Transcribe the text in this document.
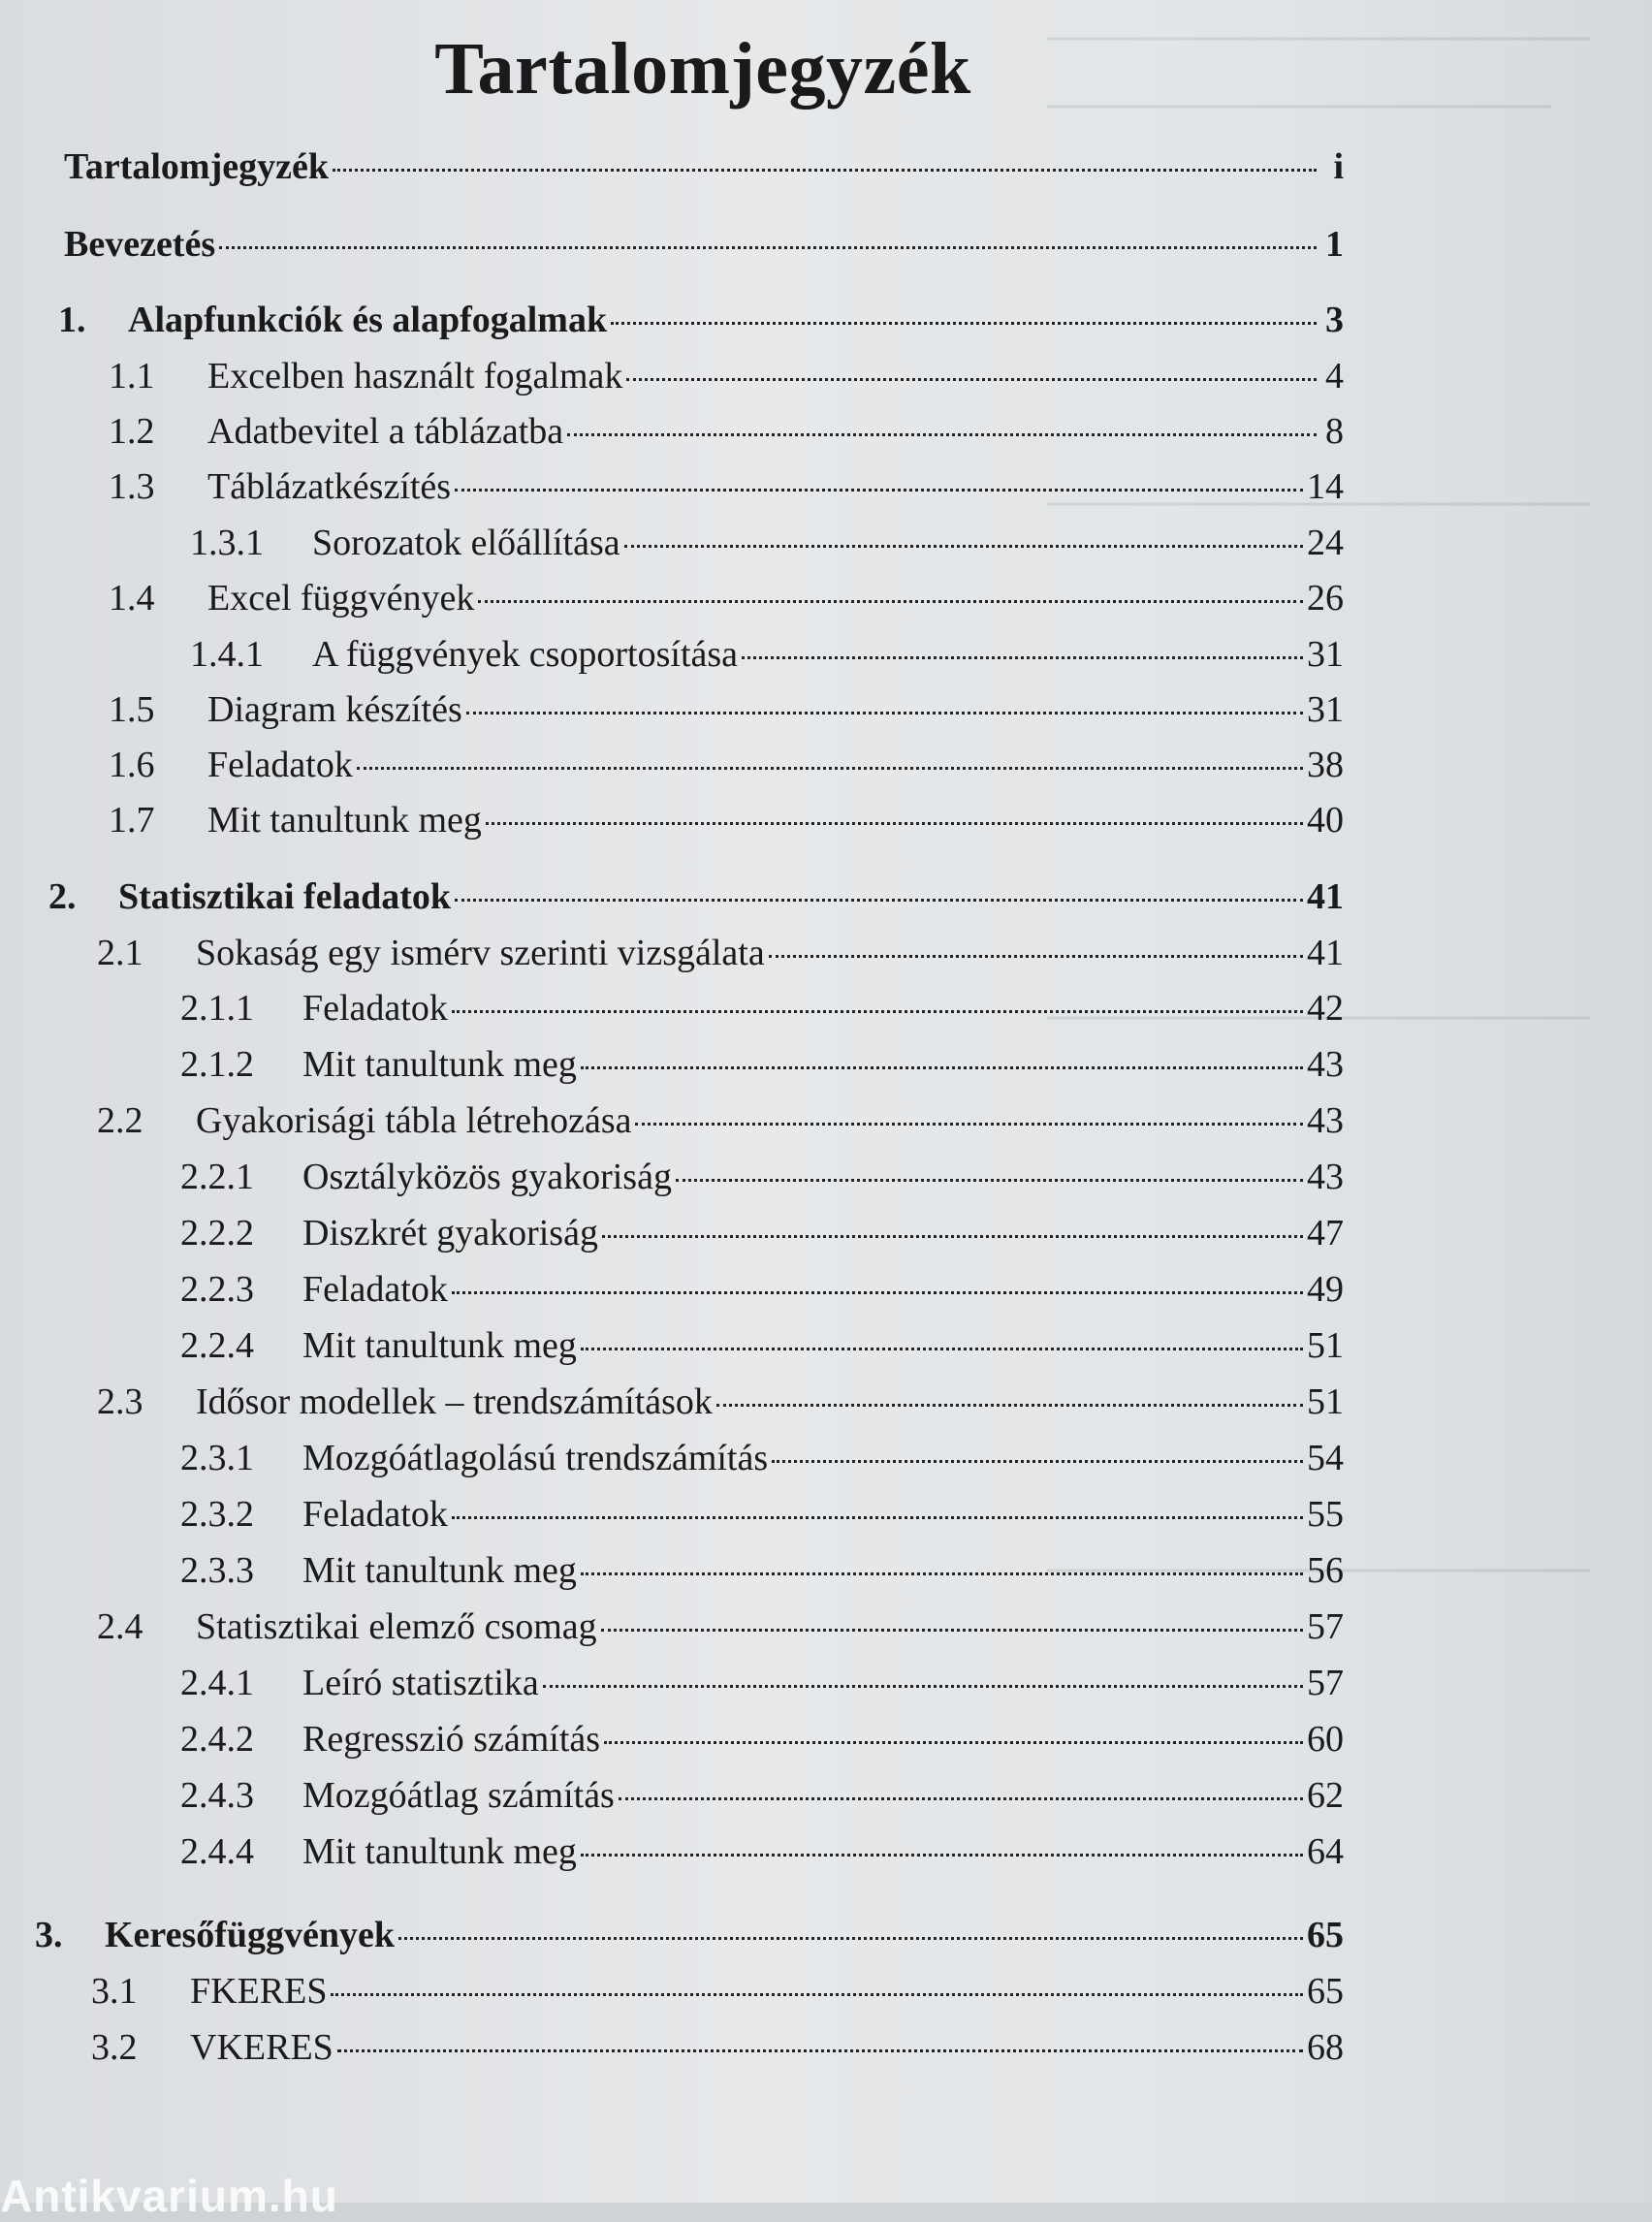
Tartalomjegyzék
Tartalomjegyzék	i
Bevezetés	1
1.	Alapfunkciók és alapfogalmak	3
1.1	Excelben használt fogalmak	4
1.2	Adatbevitel a táblázatba	8
1.3	Táblázatkészítés	14
1.3.1	Sorozatok előállítása	24
1.4	Excel függvények	26
1.4.1	A függvények csoportosítása	31
1.5	Diagram készítés	31
1.6	Feladatok	38
1.7	Mit tanultunk meg	40
2.	Statisztikai feladatok	41
2.1	Sokaság egy ismérv szerinti vizsgálata	41
2.1.1	Feladatok	42
2.1.2	Mit tanultunk meg	43
2.2	Gyakorisági tábla létrehozása	43
2.2.1	Osztályközös gyakoriság	43
2.2.2	Diszkrét gyakoriság	47
2.2.3	Feladatok	49
2.2.4	Mit tanultunk meg	51
2.3	Idősor modellek – trendszámítások	51
2.3.1	Mozgóátlagolású trendszámítás	54
2.3.2	Feladatok	55
2.3.3	Mit tanultunk meg	56
2.4	Statisztikai elemző csomag	57
2.4.1	Leíró statisztika	57
2.4.2	Regresszió számítás	60
2.4.3	Mozgóátlag számítás	62
2.4.4	Mit tanultunk meg	64
3.	Keresőfüggvények	65
3.1	FKERES	65
3.2	VKERES	68
Antikvarium.hu
